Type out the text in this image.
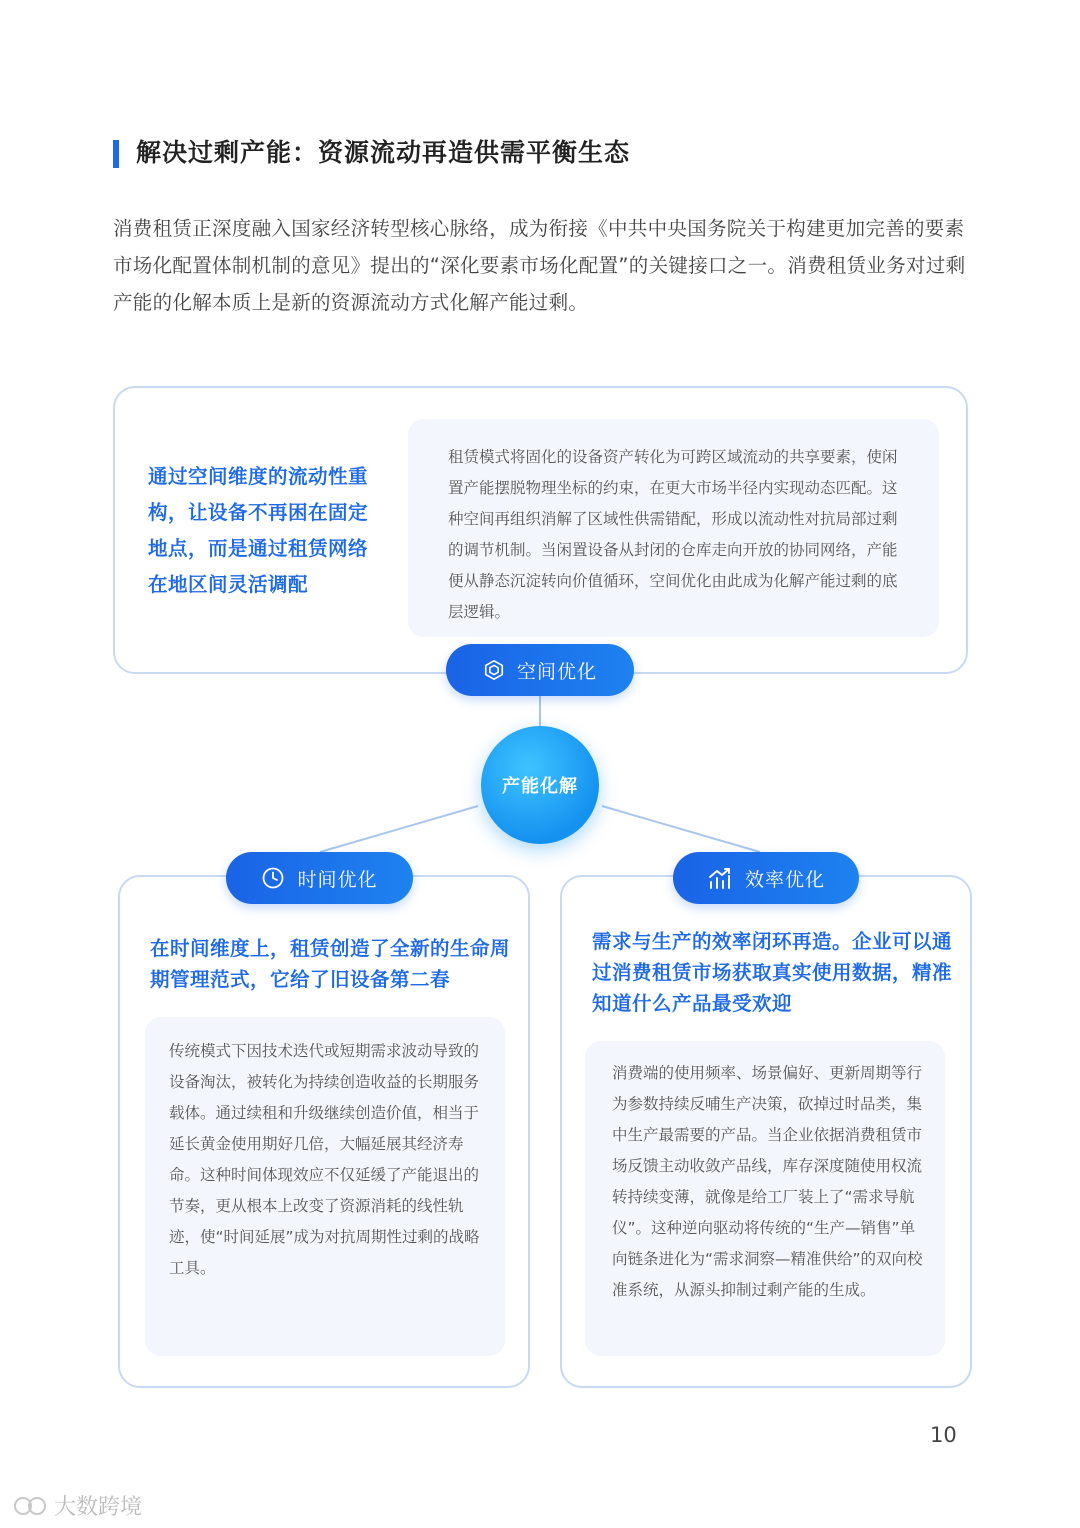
解决过剩产能：资源流动再造供需平衡生态
消费租赁正深度融入国家经济转型核心脉络，成为衔接《中共中央国务院关于构建更加完善的要素市场化配置体制机制的意见》提出的“深化要素市场化配置”的关键接口之一。消费租赁业务对过剩产能的化解本质上是新的资源流动方式化解产能过剩。
通过空间维度的流动性重构，让设备不再困在固定地点，而是通过租赁网络在地区间灵活调配
租赁模式将固化的设备资产转化为可跨区域流动的共享要素，使闲置产能摆脱物理坐标的约束，在更大市场半径内实现动态匹配。这种空间再组织消解了区域性供需错配，形成以流动性对抗局部过剩的调节机制。当闲置设备从封闭的仓库走向开放的协同网络，产能便从静态沉淀转向价值循环，空间优化由此成为化解产能过剩的底层逻辑。
空间优化
产能化解
在时间维度上，租赁创造了全新的生命周期管理范式，它给了旧设备第二春
传统模式下因技术迭代或短期需求波动导致的设备淘汰，被转化为持续创造收益的长期服务载体。通过续租和升级继续创造价值，相当于延长黄金使用期好几倍，大幅延展其经济寿命。这种时间体现效应不仅延缓了产能退出的节奏，更从根本上改变了资源消耗的线性轨迹，使“时间延展”成为对抗周期性过剩的战略工具。
时间优化
需求与生产的效率闭环再造。企业可以通过消费租赁市场获取真实使用数据，精准知道什么产品最受欢迎
消费端的使用频率、场景偏好、更新周期等行为参数持续反哺生产决策，砍掉过时品类，集中生产最需要的产品。当企业依据消费租赁市场反馈主动收敛产品线，库存深度随使用权流转持续变薄，就像是给工厂装上了“需求导航仪”。这种逆向驱动将传统的“生产—销售”单向链条进化为“需求洞察—精准供给”的双向校准系统，从源头抑制过剩产能的生成。
效率优化
10
大数跨境
